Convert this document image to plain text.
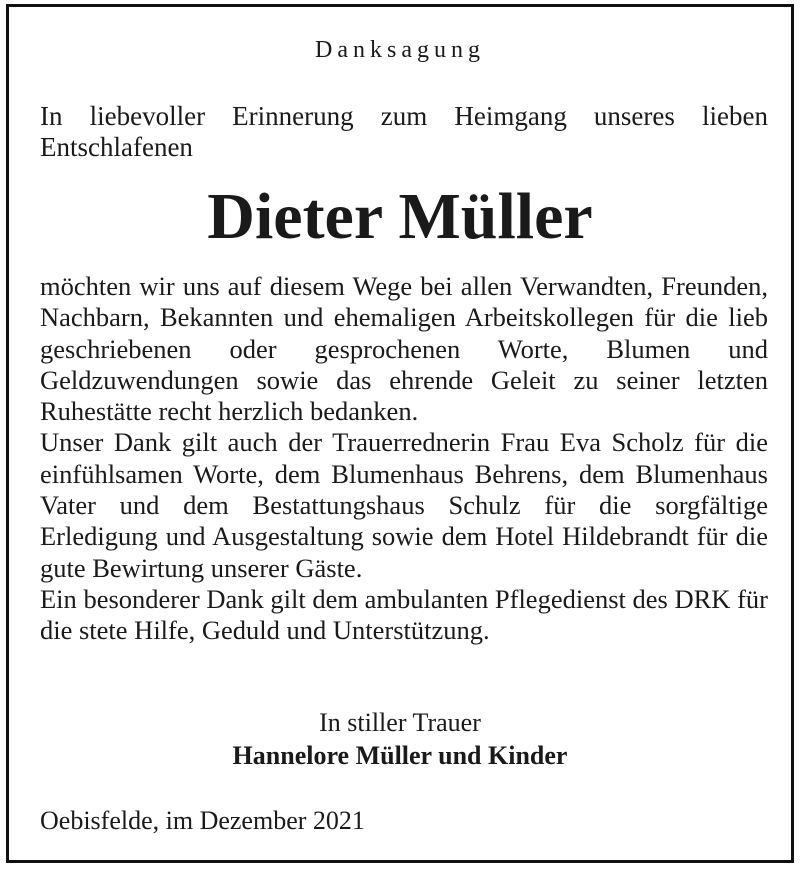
Danksagung
In liebevoller Erinnerung zum Heimgang unseres lieben Entschlafenen
Dieter Müller

möchten wir uns auf diesem Wege bei allen Verwandten, Freunden, Nachbarn, Bekannten und ehemaligen Arbeitskollegen für die lieb geschriebenen oder gesprochenen Worte, Blumen und Geldzuwendungen sowie das ehrende Geleit zu seiner letzten Ruhestätte recht herzlich bedanken.

Unser Dank gilt auch der Trauerrednerin Frau Eva Scholz für die einfühlsamen Worte, dem Blumenhaus Behrens, dem Blumenhaus Vater und dem Bestattungshaus Schulz für die sorgfältige Erledigung und Ausgestaltung sowie dem Hotel Hildebrandt für die gute Bewirtung unserer Gäste.

Ein besonderer Dank gilt dem ambulanten Pflegedienst des DRK für die stete Hilfe, Geduld und Unterstützung.

In stiller Trauer
Hannelore Müller und Kinder
Oebisfelde, im Dezember 2021
